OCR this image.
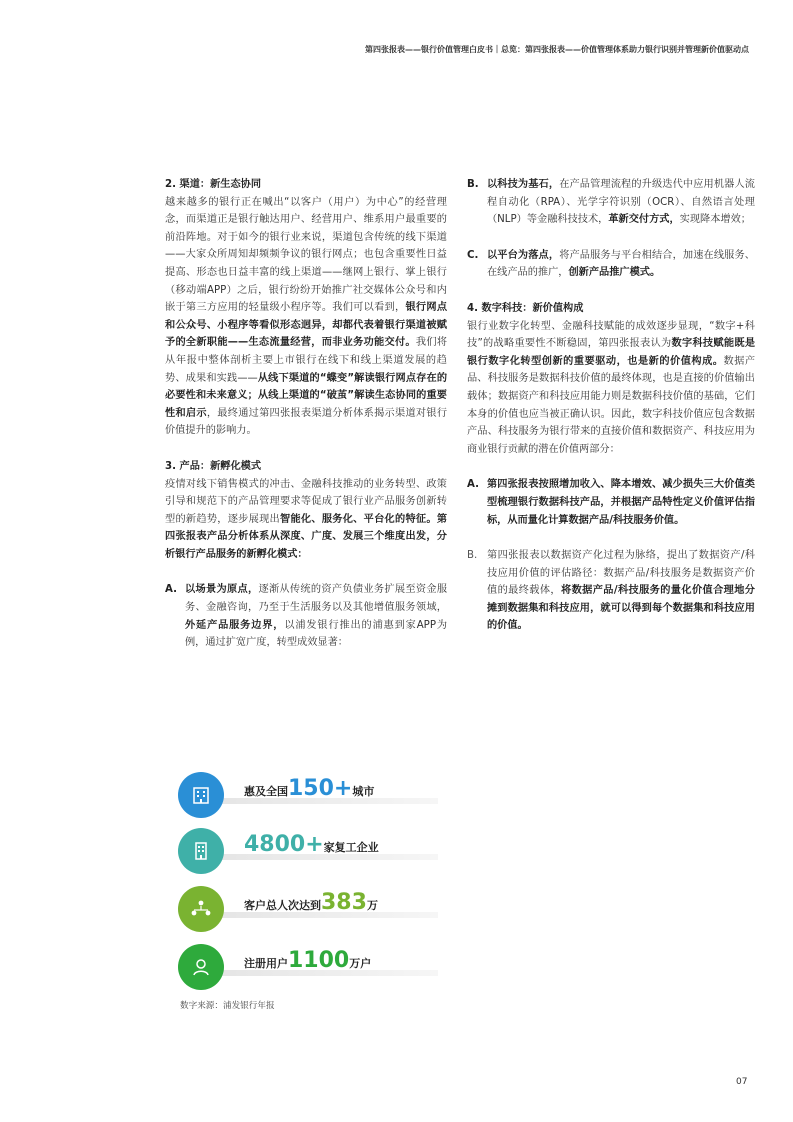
第四张报表——银行价值管理白皮书｜总览：第四张报表——价值管理体系助力银行识别并管理新价值驱动点
2. 渠道：新生态协同

越来越多的银行正在喊出“以客户（用户）为中心”的经营理念，而渠道正是银行触达用户、经营用户、维系用户最重要的前沿阵地。对于如今的银行业来说，渠道包含传统的线下渠道——大家众所周知却频频争议的银行网点；也包含重要性日益提高、形态也日益丰富的线上渠道——继网上银行、掌上银行（移动端APP）之后，银行纷纷开始推广社交媒体公众号和内嵌于第三方应用的轻量级小程序等。我们可以看到，银行网点和公众号、小程序等看似形态迥异，却都代表着银行渠道被赋予的全新职能——生态流量经营，而非业务功能交付。我们将从年报中整体剖析主要上市银行在线下和线上渠道发展的趋势、成果和实践——从线下渠道的“蝶变”解读银行网点存在的必要性和未来意义；从线上渠道的“破茧”解读生态协同的重要性和启示，最终通过第四张报表渠道分析体系揭示渠道对银行价值提升的影响力。

3. 产品：新孵化模式

疫情对线下销售模式的冲击、金融科技推动的业务转型、政策引导和规范下的产品管理要求等促成了银行业产品服务创新转型的新趋势，逐步展现出智能化、服务化、平台化的特征。第四张报表产品分析体系从深度、广度、发展三个维度出发，分析银行产品服务的新孵化模式：

A. 以场景为原点，逐渐从传统的资产负债业务扩展至资金服务、金融咨询，乃至于生活服务以及其他增值服务领域，外延产品服务边界，以浦发银行推出的浦惠到家APP为例，通过扩宽广度，转型成效显著：
惠及全国150+城市
4800+家复工企业
客户总人次达到383万
注册用户1100万户
数字来源：浦发银行年报
B. 以科技为基石，在产品管理流程的升级迭代中应用机器人流程自动化（RPA）、光学字符识别（OCR）、自然语言处理（NLP）等金融科技技术，革新交付方式，实现降本增效；
C. 以平台为落点，将产品服务与平台相结合，加速在线服务、在线产品的推广，创新产品推广模式。
4. 数字科技：新价值构成

银行业数字化转型、金融科技赋能的成效逐步显现，“数字+科技”的战略重要性不断稳固，第四张报表认为数字科技赋能既是银行数字化转型创新的重要驱动，也是新的价值构成。数据产品、科技服务是数据科技价值的最终体现，也是直接的价值输出载体；数据资产和科技应用能力则是数据科技价值的基础，它们本身的价值也应当被正确认识。因此，数字科技价值应包含数据产品、科技服务为银行带来的直接价值和数据资产、科技应用为商业银行贡献的潜在价值两部分：

A. 第四张报表按照增加收入、降本增效、减少损失三大价值类型梳理银行数据科技产品，并根据产品特性定义价值评估指标，从而量化计算数据产品/科技服务价值。
B. 第四张报表以数据资产化过程为脉络，提出了数据资产/科技应用价值的评估路径：数据产品/科技服务是数据资产价值的最终载体，将数据产品/科技服务的量化价值合理地分摊到数据集和科技应用，就可以得到每个数据集和科技应用的价值。
07
